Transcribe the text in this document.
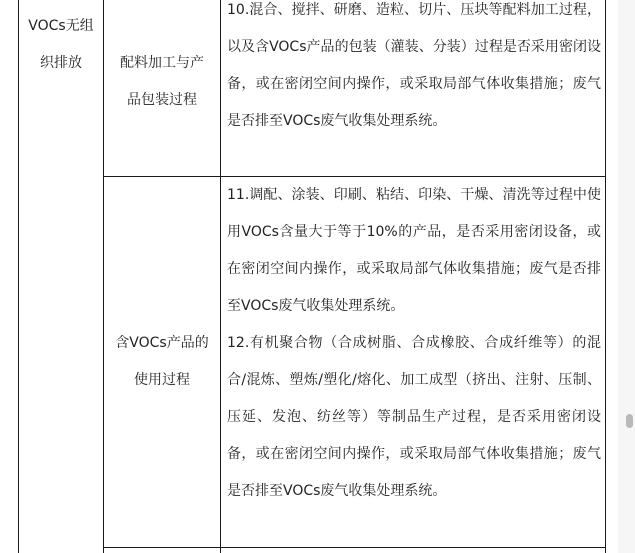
VOCs无组
织排放	配料加工与产
品包装过程
10.混合、搅拌、研磨、造粒、切片、压块等配料加工过程，以及含VOCs产品的包装（灌装、分装）过程是否采用密闭设备，或在密闭空间内操作，或采取局部气体收集措施；废气是否排至VOCs废气收集处理系统。
含VOCs产品的
使用过程
11.调配、涂装、印刷、粘结、印染、干燥、清洗等过程中使用VOCs含量大于等于10%的产品，是否采用密闭设备，或在密闭空间内操作，或采取局部气体收集措施；废气是否排至VOCs废气收集处理系统。
12.有机聚合物（合成树脂、合成橡胶、合成纤维等）的混合/混炼、塑炼/塑化/熔化、加工成型（挤出、注射、压制、压延、发泡、纺丝等）等制品生产过程，是否采用密闭设备，或在密闭空间内操作，或采取局部气体收集措施；废气是否排至VOCs废气收集处理系统。
